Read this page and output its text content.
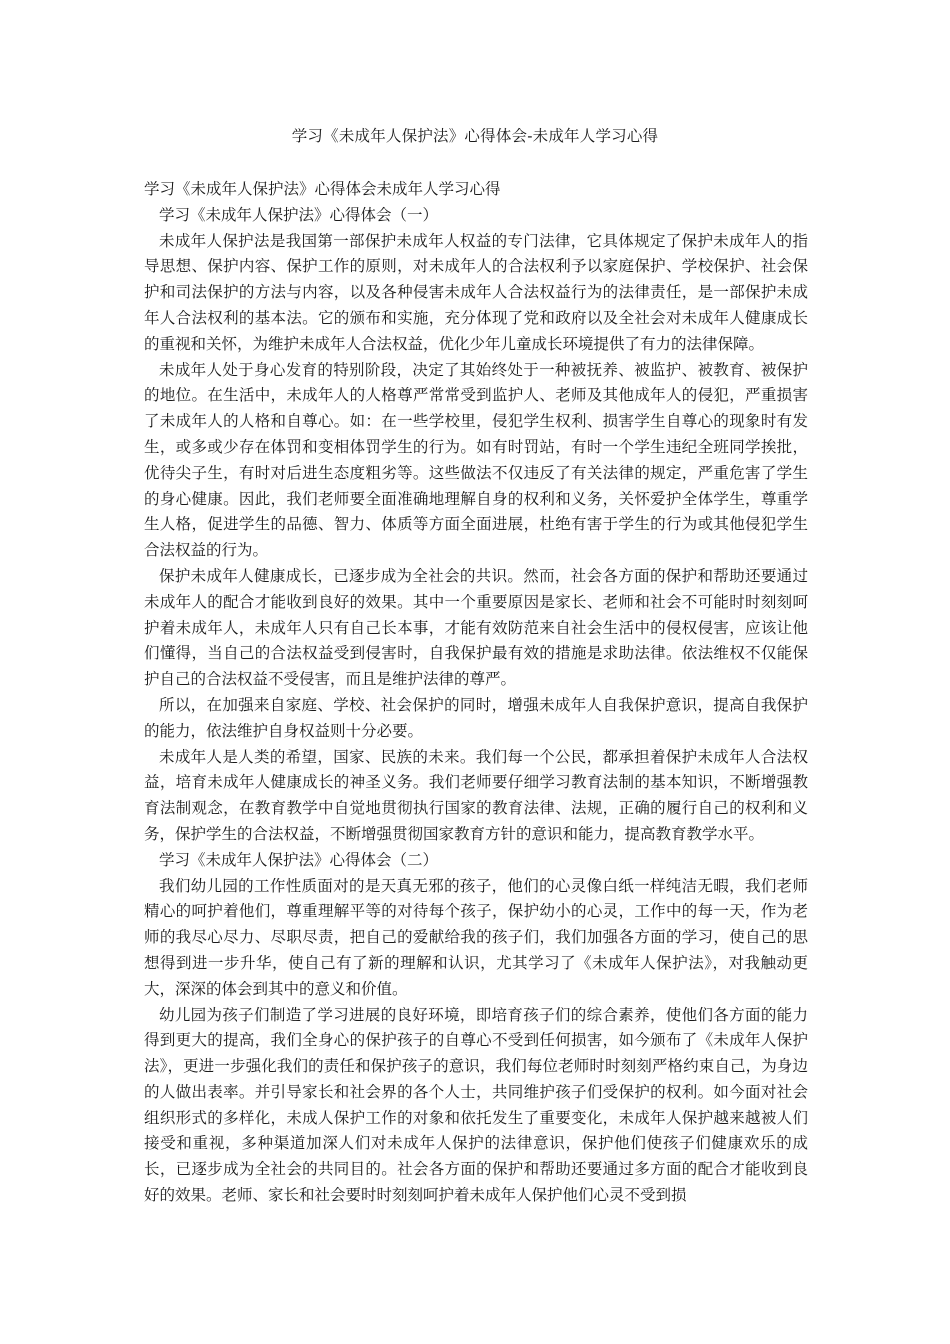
学习《未成年人保护法》心得体会-未成年人学习心得

学习《未成年人保护法》心得体会未成年人学习心得

学习《未成年人保护法》心得体会（一）

未成年人保护法是我国第一部保护未成年人权益的专门法律，它具体规定了保护未成年人的指导思想、保护内容、保护工作的原则，对未成年人的合法权利予以家庭保护、学校保护、社会保护和司法保护的方法与内容，以及各种侵害未成年人合法权益行为的法律责任，是一部保护未成年人合法权利的基本法。它的颁布和实施，充分体现了党和政府以及全社会对未成年人健康成长的重视和关怀，为维护未成年人合法权益，优化少年儿童成长环境提供了有力的法律保障。

未成年人处于身心发育的特别阶段，决定了其始终处于一种被抚养、被监护、被教育、被保护的地位。在生活中，未成年人的人格尊严常常受到监护人、老师及其他成年人的侵犯，严重损害了未成年人的人格和自尊心。如：在一些学校里，侵犯学生权利、损害学生自尊心的现象时有发生，或多或少存在体罚和变相体罚学生的行为。如有时罚站，有时一个学生违纪全班同学挨批，优待尖子生，有时对后进生态度粗劣等。这些做法不仅违反了有关法律的规定，严重危害了学生的身心健康。因此，我们老师要全面准确地理解自身的权利和义务，关怀爱护全体学生，尊重学生人格，促进学生的品德、智力、体质等方面全面进展，杜绝有害于学生的行为或其他侵犯学生合法权益的行为。

保护未成年人健康成长，已逐步成为全社会的共识。然而，社会各方面的保护和帮助还要通过未成年人的配合才能收到良好的效果。其中一个重要原因是家长、老师和社会不可能时时刻刻呵护着未成年人，未成年人只有自己长本事，才能有效防范来自社会生活中的侵权侵害，应该让他们懂得，当自己的合法权益受到侵害时，自我保护最有效的措施是求助法律。依法维权不仅能保护自己的合法权益不受侵害，而且是维护法律的尊严。

所以，在加强来自家庭、学校、社会保护的同时，增强未成年人自我保护意识，提高自我保护的能力，依法维护自身权益则十分必要。

未成年人是人类的希望，国家、民族的未来。我们每一个公民，都承担着保护未成年人合法权益，培育未成年人健康成长的神圣义务。我们老师要仔细学习教育法制的基本知识，不断增强教育法制观念，在教育教学中自觉地贯彻执行国家的教育法律、法规，正确的履行自己的权利和义务，保护学生的合法权益，不断增强贯彻国家教育方针的意识和能力，提高教育教学水平。

学习《未成年人保护法》心得体会（二）

我们幼儿园的工作性质面对的是天真无邪的孩子，他们的心灵像白纸一样纯洁无暇，我们老师精心的呵护着他们，尊重理解平等的对待每个孩子，保护幼小的心灵，工作中的每一天，作为老师的我尽心尽力、尽职尽责，把自己的爱献给我的孩子们，我们加强各方面的学习，使自己的思想得到进一步升华，使自己有了新的理解和认识，尤其学习了《未成年人保护法》，对我触动更大，深深的体会到其中的意义和价值。

幼儿园为孩子们制造了学习进展的良好环境，即培育孩子们的综合素养，使他们各方面的能力得到更大的提高，我们全身心的保护孩子的自尊心不受到任何损害，如今颁布了《未成年人保护法》，更进一步强化我们的责任和保护孩子的意识，我们每位老师时时刻刻严格约束自己，为身边的人做出表率。并引导家长和社会界的各个人士，共同维护孩子们受保护的权利。如今面对社会组织形式的多样化，未成人保护工作的对象和依托发生了重要变化，未成年人保护越来越被人们接受和重视，多种渠道加深人们对未成年人保护的法律意识，保护他们使孩子们健康欢乐的成长，已逐步成为全社会的共同目的。社会各方面的保护和帮助还要通过多方面的配合才能收到良好的效果。老师、家长和社会要时时刻刻呵护着未成年人保护他们心灵不受到损
